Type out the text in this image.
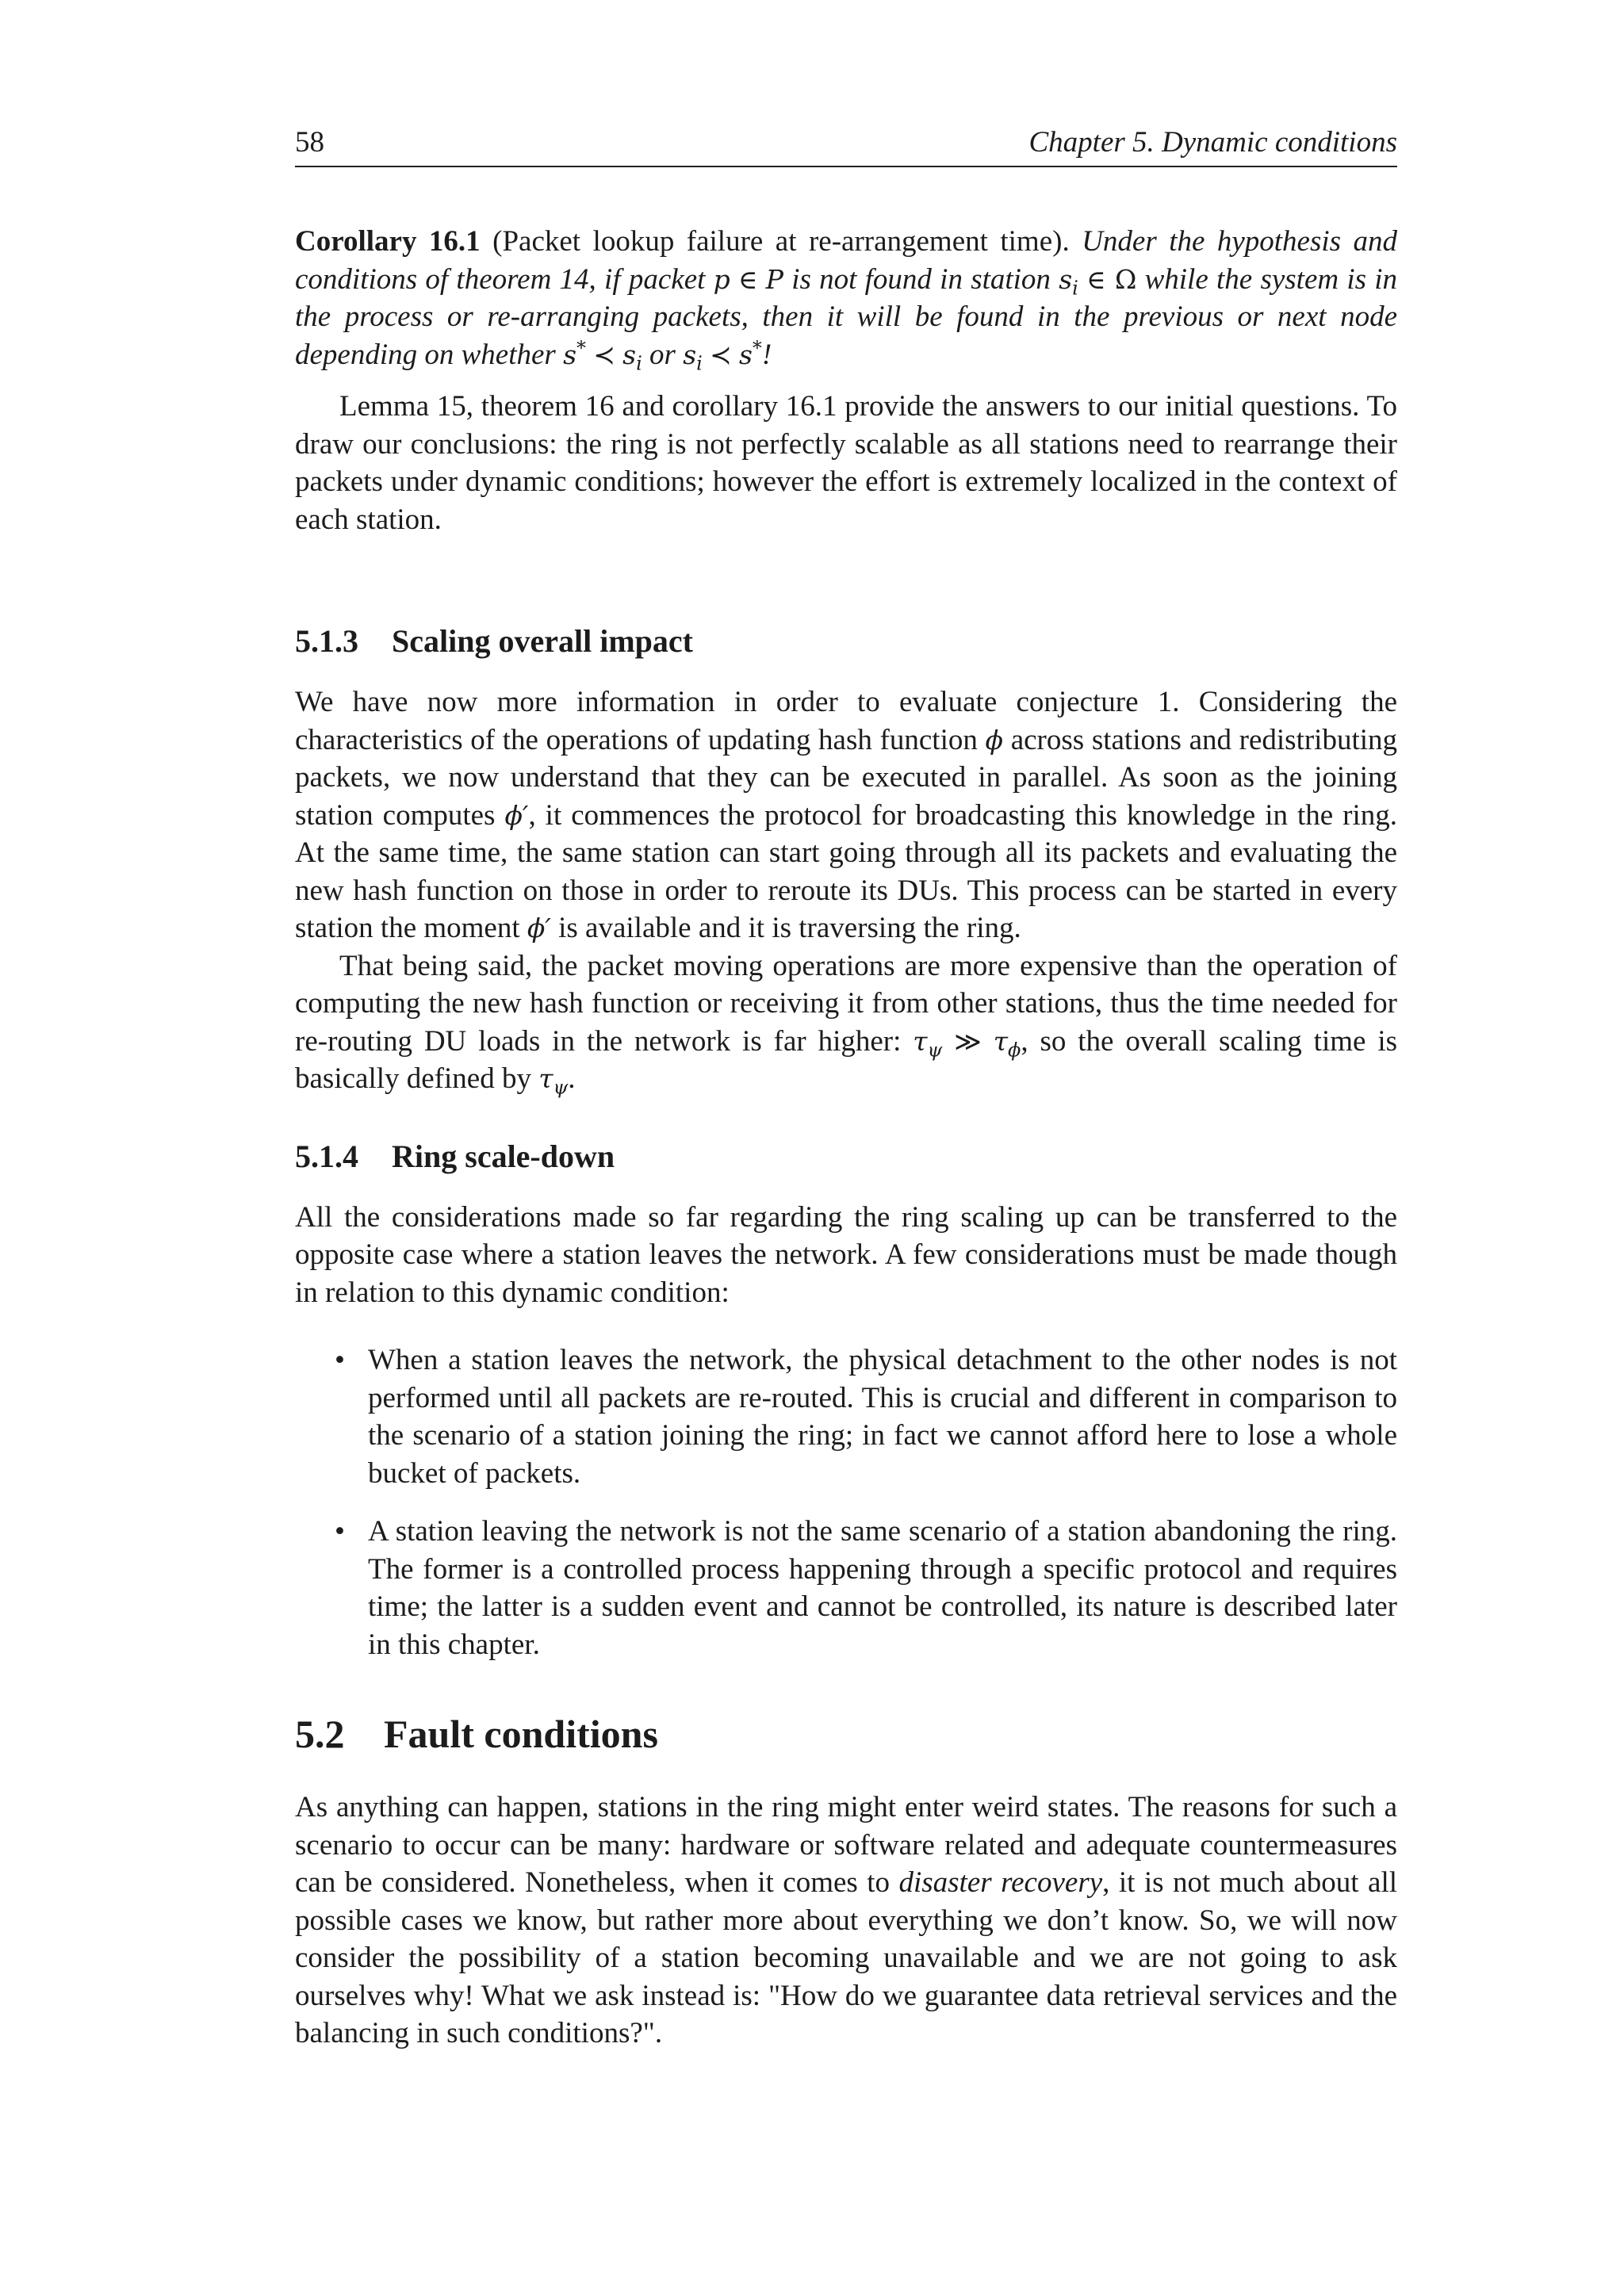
58	Chapter 5. Dynamic conditions

Corollary 16.1 (Packet lookup failure at re-arrangement time). Under the hypothesis and conditions of theorem 14, if packet p ∈ P is not found in station $s_i$ ∈ Ω while the system is in the process or re-arranging packets, then it will be found in the previous or next node depending on whether s* ≺ $s_i$ or $s_i$ ≺ s*!

Lemma 15, theorem 16 and corollary 16.1 provide the answers to our initial questions. To draw our conclusions: the ring is not perfectly scalable as all stations need to rearrange their packets under dynamic conditions; however the effort is extremely localized in the context of each station.

5.1.3	Scaling overall impact

We have now more information in order to evaluate conjecture 1. Considering the characteristics of the operations of updating hash function ϕ across stations and redistributing packets, we now understand that they can be executed in parallel. As soon as the joining station computes ϕ′, it commences the protocol for broadcasting this knowledge in the ring. At the same time, the same station can start going through all its packets and evaluating the new hash function on those in order to reroute its DUs. This process can be started in every station the moment ϕ′ is available and it is traversing the ring.

That being said, the packet moving operations are more expensive than the operation of computing the new hash function or receiving it from other stations, thus the time needed for re-routing DU loads in the network is far higher: $\tau_\psi$ ≫ $\tau_\phi$, so the overall scaling time is basically defined by $\tau_\psi$.

5.1.4	Ring scale-down

All the considerations made so far regarding the ring scaling up can be transferred to the opposite case where a station leaves the network. A few considerations must be made though in relation to this dynamic condition:

• When a station leaves the network, the physical detachment to the other nodes is not performed until all packets are re-routed. This is crucial and different in comparison to the scenario of a station joining the ring; in fact we cannot afford here to lose a whole bucket of packets.
• A station leaving the network is not the same scenario of a station abandoning the ring. The former is a controlled process happening through a specific protocol and requires time; the latter is a sudden event and cannot be controlled, its nature is described later in this chapter.
5.2 Fault conditions

As anything can happen, stations in the ring might enter weird states. The reasons for such a scenario to occur can be many: hardware or software related and adequate countermeasures can be considered. Nonetheless, when it comes to disaster recovery, it is not much about all possible cases we know, but rather more about everything we don’t know. So, we will now consider the possibility of a station becoming unavailable and we are not going to ask ourselves why! What we ask instead is: "How do we guarantee data retrieval services and the balancing in such conditions?".
